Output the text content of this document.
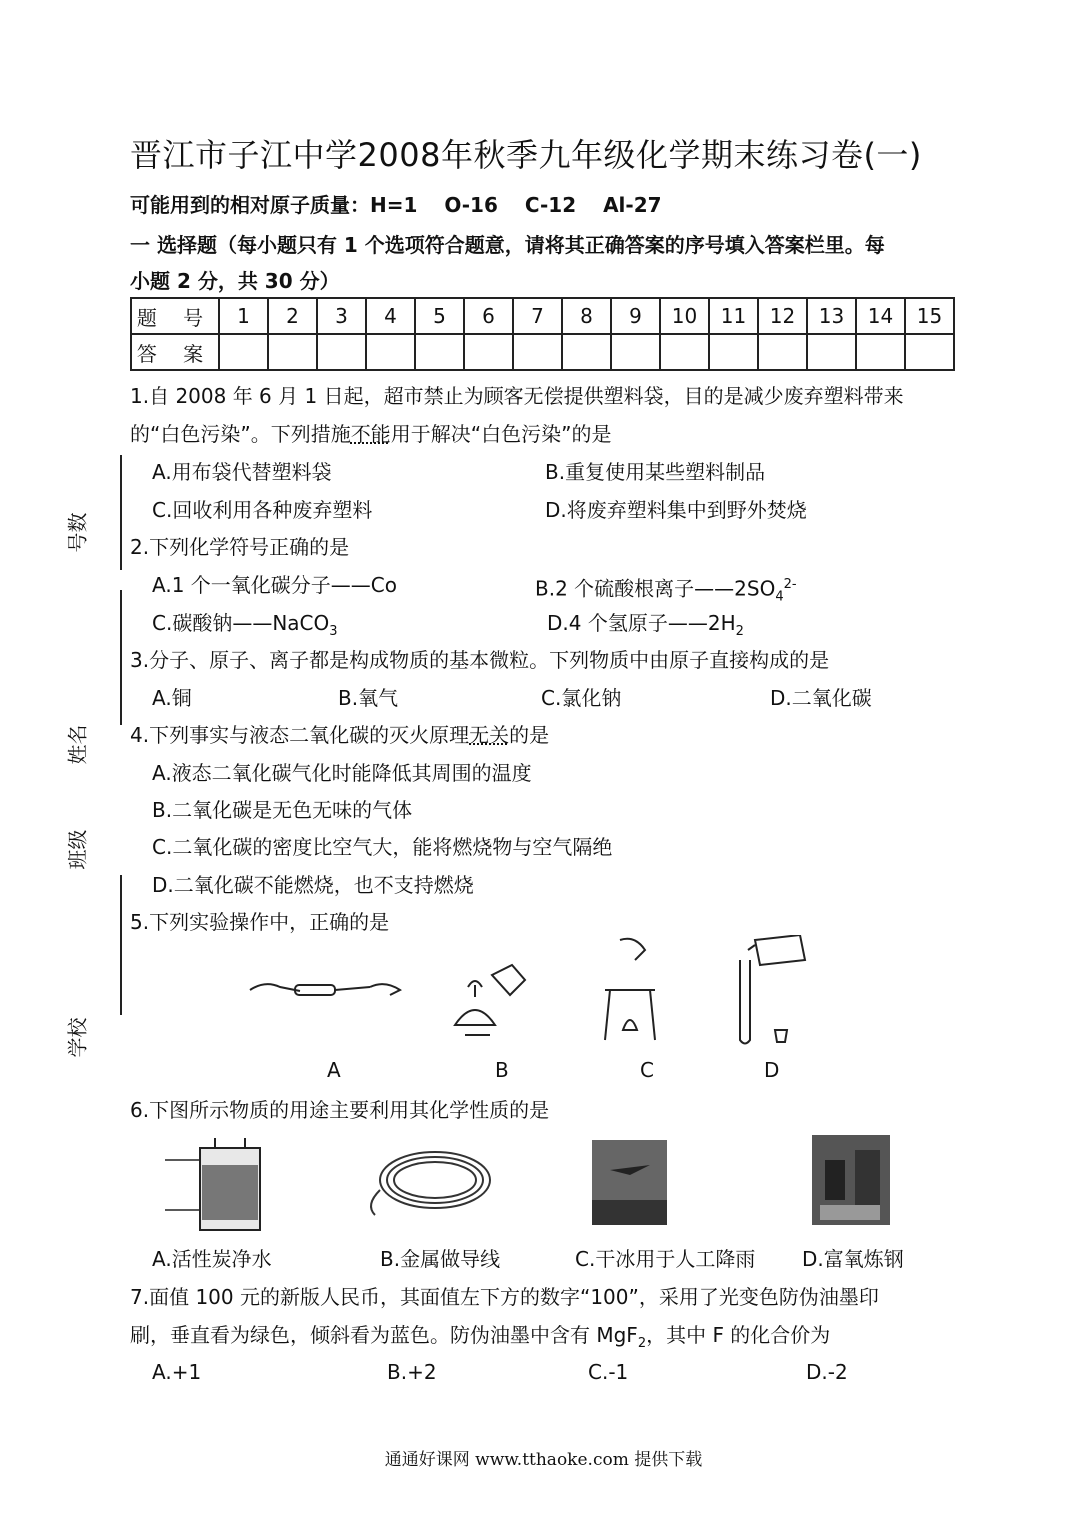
晋江市子江中学2008年秋季九年级化学期末练习卷(一)
可能用到的相对原子质量：H=1　 O-16　 C-12　 Al-27
一 选择题（每小题只有 1 个选项符合题意，请将其正确答案的序号填入答案栏里。每
小题 2 分，共 30 分）
题 号	1	2	3	4	5	6	7	8	9	10	11	12	13	14	15
答 案															
号数
姓名
班级
学校
1.自 2008 年 6 月 1 日起，超市禁止为顾客无偿提供塑料袋，目的是减少废弃塑料带来
的“白色污染”。下列措施不能用于解决“白色污染”的是
A.用布袋代替塑料袋	B.重复使用某些塑料制品
C.回收利用各种废弃塑料	D.将废弃塑料集中到野外焚烧
2.下列化学符号正确的是
A.1 个一氧化碳分子——Co	B.2 个硫酸根离子$——2SO_4^{2-}$
C.碳酸钠——NaCO$_3$	D.4 个氢原子$——2H_2$
3.分子、原子、离子都是构成物质的基本微粒。下列物质中由原子直接构成的是
A.铜	B.氧气	C.氯化钠	D.二氧化碳
4.下列事实与液态二氧化碳的灭火原理无关的是
A.液态二氧化碳气化时能降低其周围的温度
B.二氧化碳是无色无味的气体
C.二氧化碳的密度比空气大，能将燃烧物与空气隔绝
D.二氧化碳不能燃烧，也不支持燃烧
5.下列实验操作中，正确的是
A	B	C	D
6.下图所示物质的用途主要利用其化学性质的是
A.活性炭净水	B.金属做导线	C.干冰用于人工降雨 D.富氧炼钢
7.面值 100 元的新版人民币，其面值左下方的数字“100”，采用了光变色防伪油墨印
刷，垂直看为绿色，倾斜看为蓝色。防伪油墨中含有 MgF$_2$，其中 F 的化合价为
A.+1	B.+2	C.-1	D.-2
通通好课网 www.tthaoke.com 提供下载
